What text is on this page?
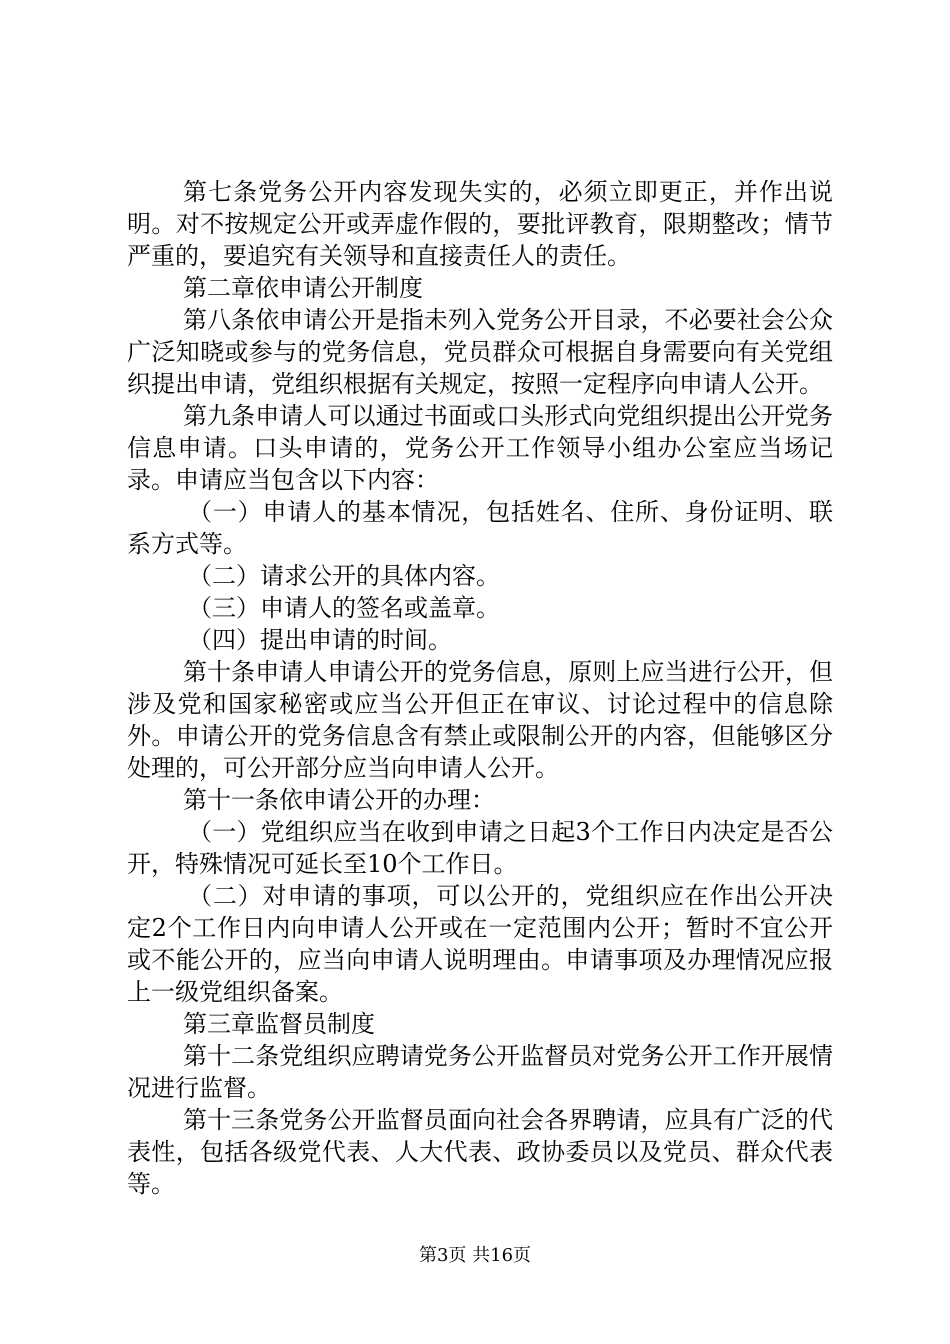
第七条党务公开内容发现失实的，必须立即更正，并作出说明。对不按规定公开或弄虚作假的，要批评教育，限期整改；情节严重的，要追究有关领导和直接责任人的责任。

第二章依申请公开制度

第八条依申请公开是指未列入党务公开目录，不必要社会公众广泛知晓或参与的党务信息，党员群众可根据自身需要向有关党组织提出申请，党组织根据有关规定，按照一定程序向申请人公开。

第九条申请人可以通过书面或口头形式向党组织提出公开党务信息申请。口头申请的，党务公开工作领导小组办公室应当场记录。申请应当包含以下内容：

（一）申请人的基本情况，包括姓名、住所、身份证明、联系方式等。

（二）请求公开的具体内容。

（三）申请人的签名或盖章。

（四）提出申请的时间。

第十条申请人申请公开的党务信息，原则上应当进行公开，但涉及党和国家秘密或应当公开但正在审议、讨论过程中的信息除外。申请公开的党务信息含有禁止或限制公开的内容，但能够区分处理的，可公开部分应当向申请人公开。

第十一条依申请公开的办理：

（一）党组织应当在收到申请之日起3个工作日内决定是否公开，特殊情况可延长至10个工作日。

（二）对申请的事项，可以公开的，党组织应在作出公开决定2个工作日内向申请人公开或在一定范围内公开；暂时不宜公开或不能公开的，应当向申请人说明理由。申请事项及办理情况应报上一级党组织备案。

第三章监督员制度

第十二条党组织应聘请党务公开监督员对党务公开工作开展情况进行监督。

第十三条党务公开监督员面向社会各界聘请，应具有广泛的代表性，包括各级党代表、人大代表、政协委员以及党员、群众代表等。

第3页 共16页
